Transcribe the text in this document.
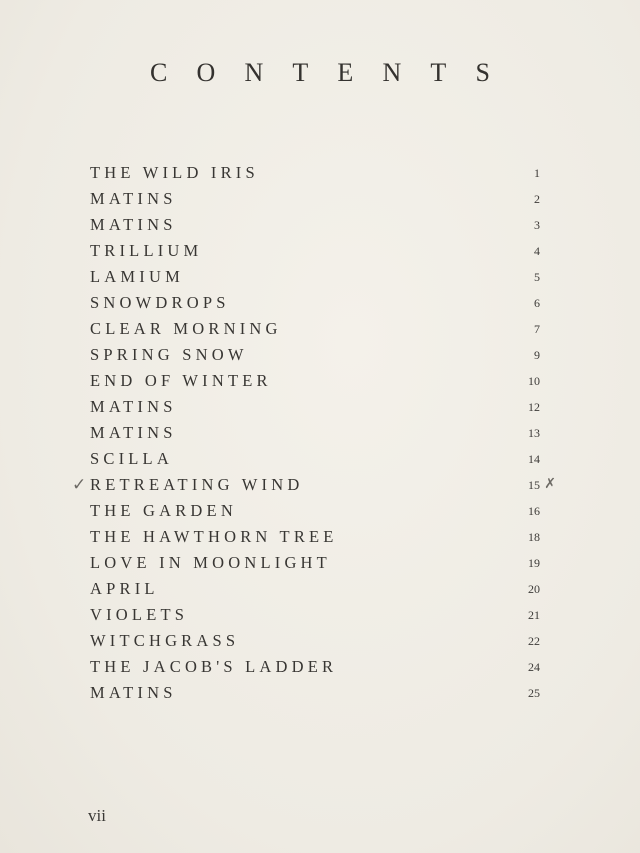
C O N T E N T S
THE WILD IRIS	1
MATINS	2
MATINS	3
TRILLIUM	4
LAMIUM	5
SNOWDROPS	6
CLEAR MORNING	7
SPRING SNOW	9
END OF WINTER	10
MATINS	12
MATINS	13
SCILLA	14
✓ RETREATING WIND	15 ✗
THE GARDEN	16
THE HAWTHORN TREE	18
LOVE IN MOONLIGHT	19
APRIL	20
VIOLETS	21
WITCHGRASS	22
THE JACOB'S LADDER	24
MATINS	25
vii
